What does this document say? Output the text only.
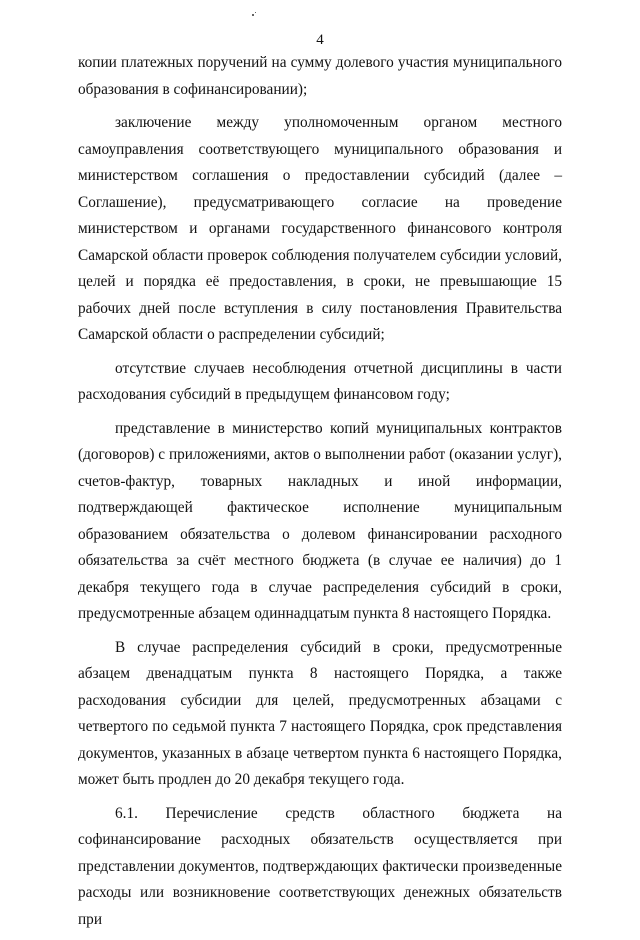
4

копии платежных поручений на сумму долевого участия муниципального образования в софинансировании);

заключение между уполномоченным органом местного самоуправления соответствующего муниципального образования и министерством соглашения о предоставлении субсидий (далее – Соглашение), предусматривающего согласие на проведение министерством и органами государственного финансового контроля Самарской области проверок соблюдения получателем субсидии условий, целей и порядка её предоставления, в сроки, не превышающие 15 рабочих дней после вступления в силу постановления Правительства Самарской области о распределении субсидий;

отсутствие случаев несоблюдения отчетной дисциплины в части расходования субсидий в предыдущем финансовом году;

представление в министерство копий муниципальных контрактов (договоров) с приложениями, актов о выполнении работ (оказании услуг), счетов-фактур, товарных накладных и иной информации, подтверждающей фактическое исполнение муниципальным образованием обязательства о долевом финансировании расходного обязательства за счёт местного бюджета (в случае ее наличия) до 1 декабря текущего года в случае распределения субсидий в сроки, предусмотренные абзацем одиннадцатым пункта 8 настоящего Порядка.

В случае распределения субсидий в сроки, предусмотренные абзацем двенадцатым пункта 8 настоящего Порядка, а также расходования субсидии для целей, предусмотренных абзацами с четвертого по седьмой пункта 7 настоящего Порядка, срок представления документов, указанных в абзаце четвертом пункта 6 настоящего Порядка, может быть продлен до 20 декабря текущего года.

6.1. Перечисление средств областного бюджета на софинансирование расходных обязательств осуществляется при представлении документов, подтверждающих фактически произведенные расходы или возникновение соответствующих денежных обязательств при
